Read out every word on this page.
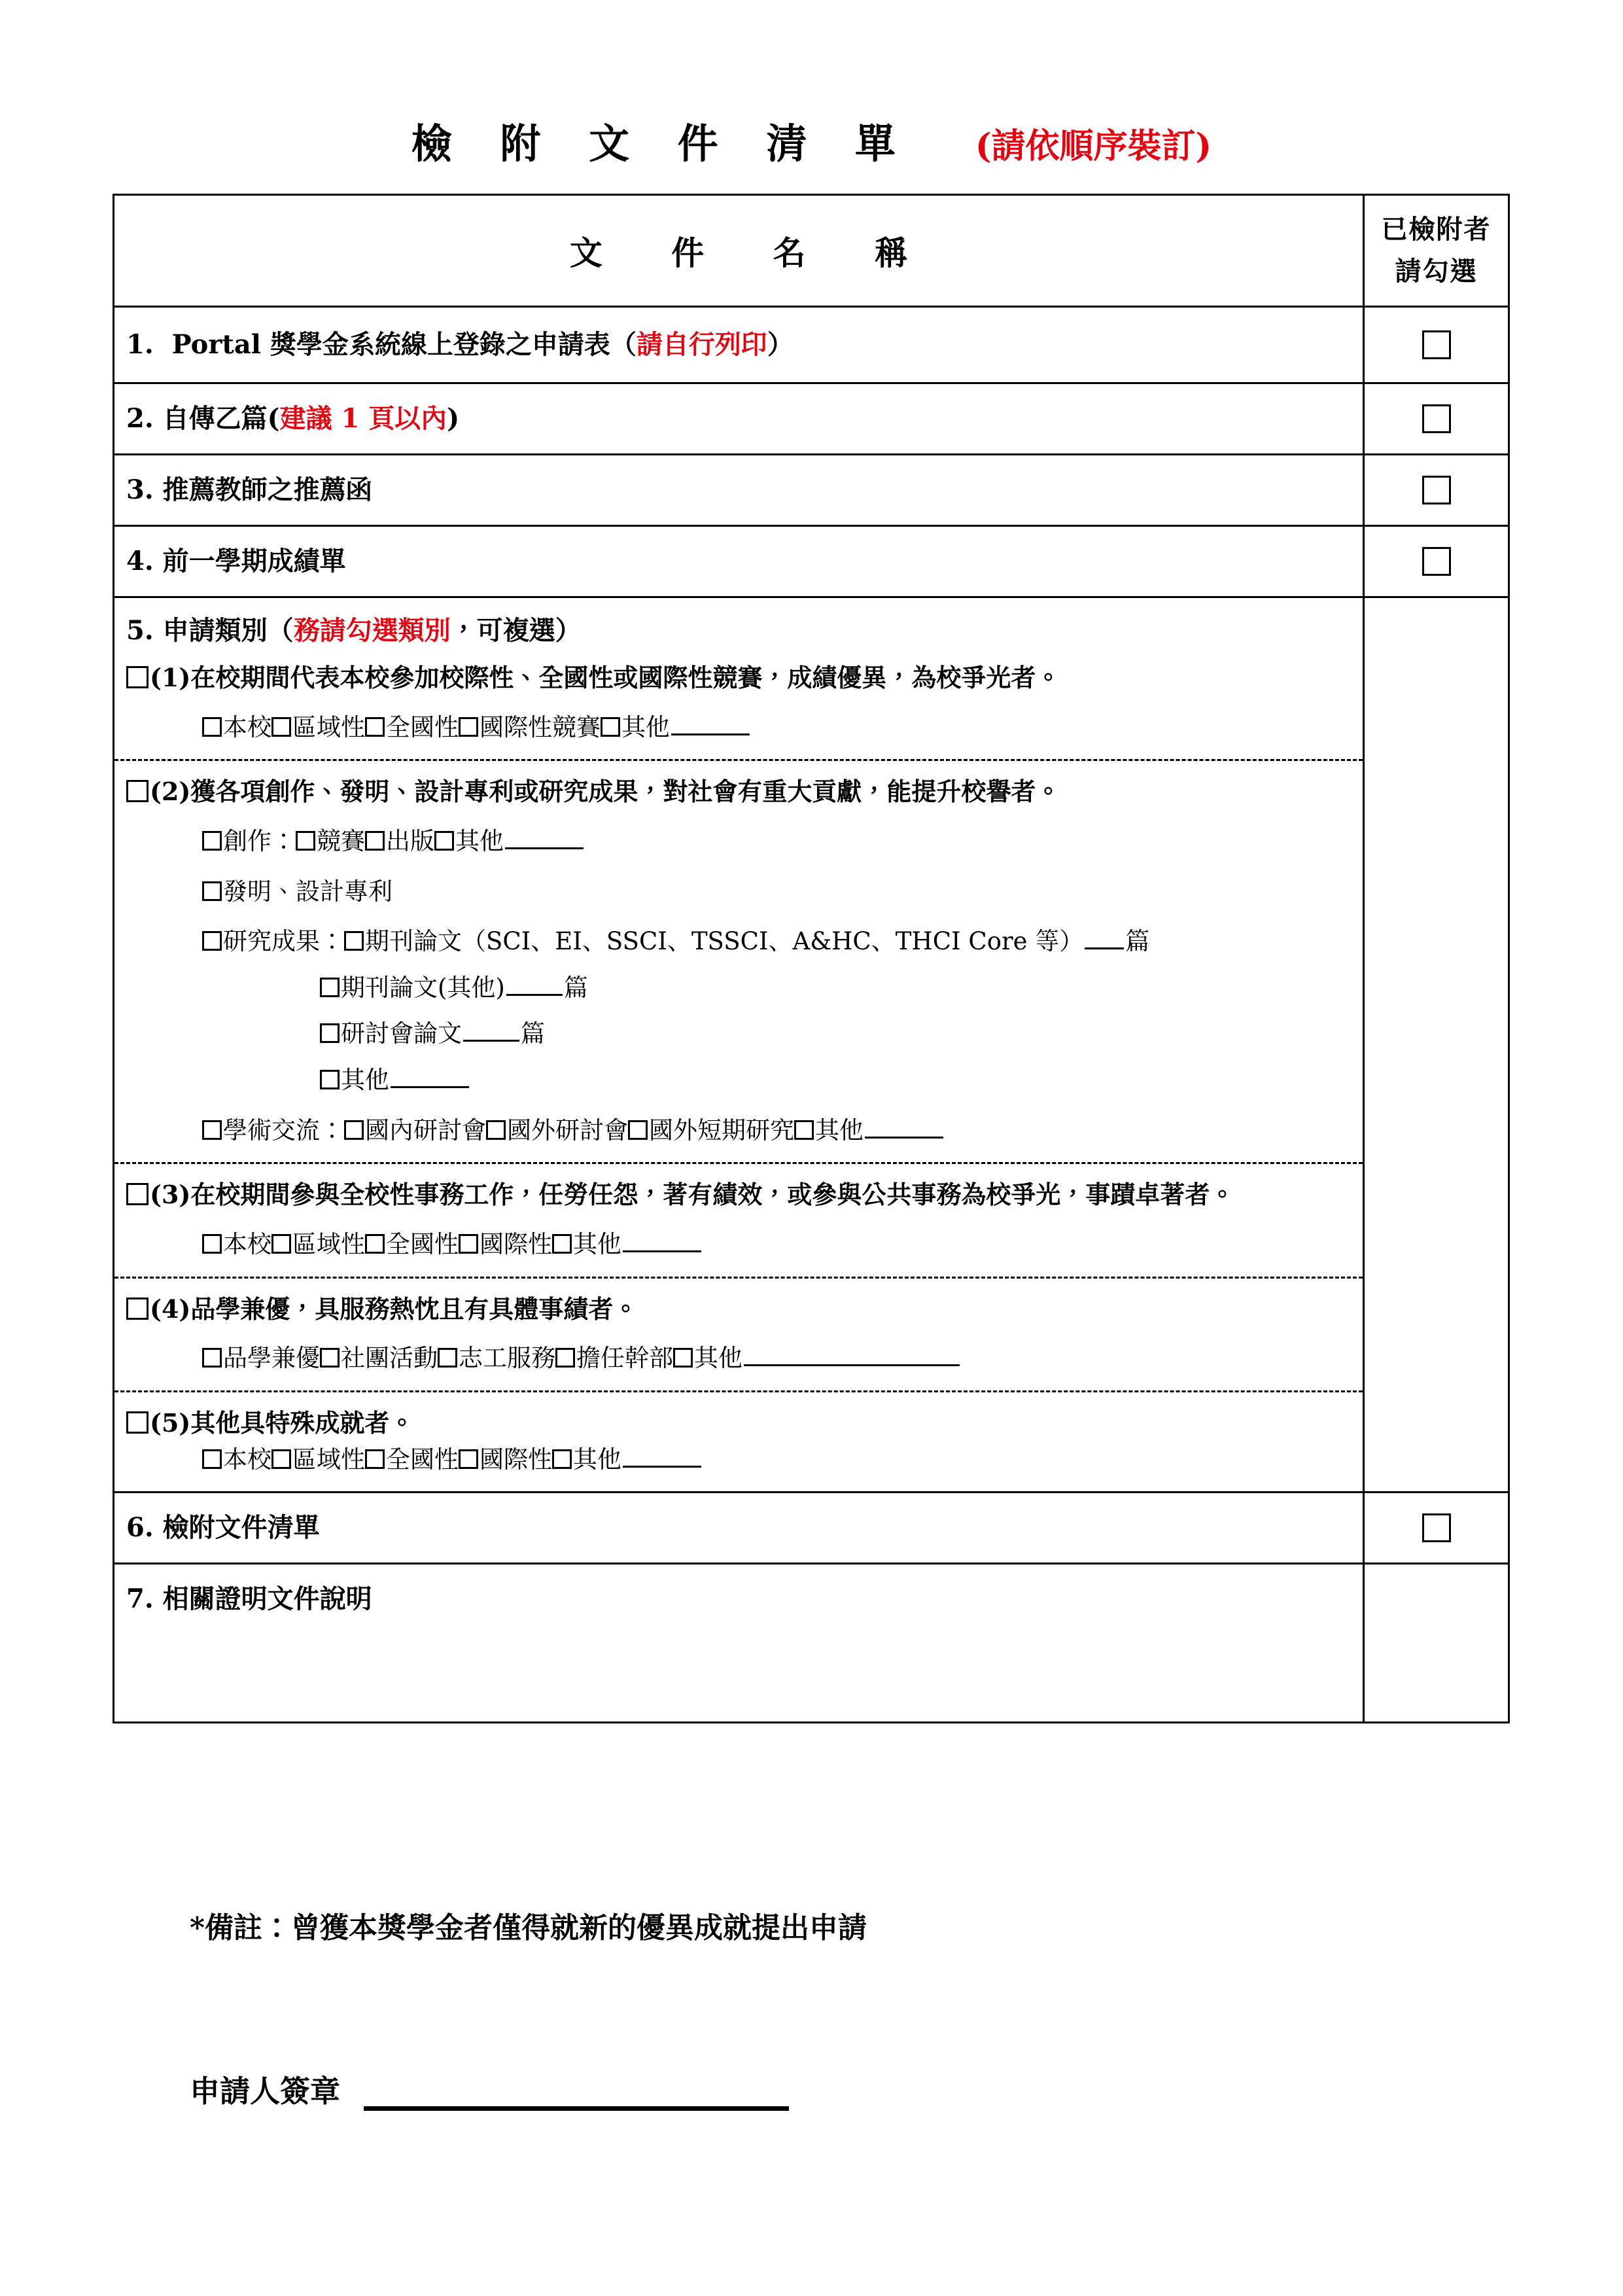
檢 附 文 件 清 單 (請依順序裝訂)
文 件 名 稱
已檢附者
請勾選
1.  Portal 獎學金系統線上登錄之申請表（請自行列印）
2. 自傳乙篇(建議 1 頁以內)
3. 推薦教師之推薦函
4. 前一學期成績單
5. 申請類別（務請勾選類別，可複選）
(1)在校期間代表本校參加校際性、全國性或國際性競賽，成績優異，為校爭光者。
本校 區域性 全國性 國際性競賽 其他
(2)獲各項創作、發明、設計專利或研究成果，對社會有重大貢獻，能提升校譽者。
創作： 競賽 出版 其他
發明、設計專利
研究成果： 期刊論文（SCI、EI、SSCI、TSSCI、A&HC、THCI Core 等） 篇
期刊論文(其他) 篇
研討會論文 篇
其他
學術交流： 國內研討會 國外研討會 國外短期研究 其他
(3)在校期間參與全校性事務工作，任勞任怨，著有績效，或參與公共事務為校爭光，事蹟卓著者。
本校 區域性 全國性 國際性 其他
(4)品學兼優，具服務熱忱且有具體事績者。
品學兼優 社團活動 志工服務 擔任幹部 其他
(5)其他具特殊成就者。
本校 區域性 全國性 國際性 其他
6. 檢附文件清單
7. 相關證明文件說明
*備註：曾獲本獎學金者僅得就新的優異成就提出申請
申請人簽章
